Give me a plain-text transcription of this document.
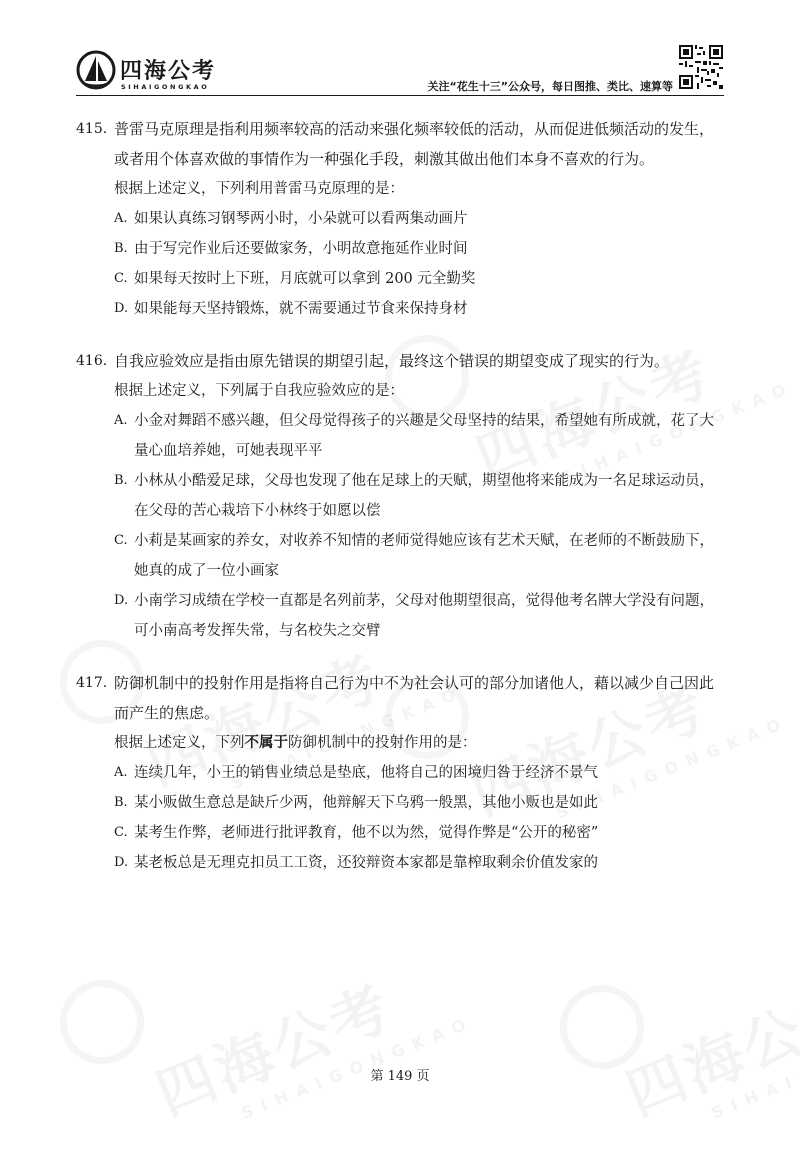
四海公考
SIHAIGONGKAO	关注“花生十三”公众号，每日图推、类比、速算等
415. 普雷马克原理是指利用频率较高的活动来强化频率较低的活动，从而促进低频活动的发生，或者用个体喜欢做的事情作为一种强化手段，刺激其做出他们本身不喜欢的行为。
根据上述定义，下列利用普雷马克原理的是：
A. 如果认真练习钢琴两小时，小朵就可以看两集动画片
B. 由于写完作业后还要做家务，小明故意拖延作业时间
C. 如果每天按时上下班，月底就可以拿到 200 元全勤奖
D. 如果能每天坚持锻炼，就不需要通过节食来保持身材
416. 自我应验效应是指由原先错误的期望引起，最终这个错误的期望变成了现实的行为。
根据上述定义，下列属于自我应验效应的是：
A. 小金对舞蹈不感兴趣，但父母觉得孩子的兴趣是父母坚持的结果，希望她有所成就，花了大量心血培养她，可她表现平平
B. 小林从小酷爱足球，父母也发现了他在足球上的天赋，期望他将来能成为一名足球运动员，在父母的苦心栽培下小林终于如愿以偿
C. 小莉是某画家的养女，对收养不知情的老师觉得她应该有艺术天赋，在老师的不断鼓励下，她真的成了一位小画家
D. 小南学习成绩在学校一直都是名列前茅，父母对他期望很高，觉得他考名牌大学没有问题，可小南高考发挥失常，与名校失之交臂
417. 防御机制中的投射作用是指将自己行为中不为社会认可的部分加诸他人，藉以减少自己因此而产生的焦虑。
根据上述定义，下列不属于防御机制中的投射作用的是：
A. 连续几年，小王的销售业绩总是垫底，他将自己的困境归咎于经济不景气
B. 某小贩做生意总是缺斤少两，他辩解天下乌鸦一般黑，其他小贩也是如此
C. 某考生作弊，老师进行批评教育，他不以为然，觉得作弊是“公开的秘密”
D. 某老板总是无理克扣员工工资，还狡辩资本家都是靠榨取剩余价值发家的
第 149 页
